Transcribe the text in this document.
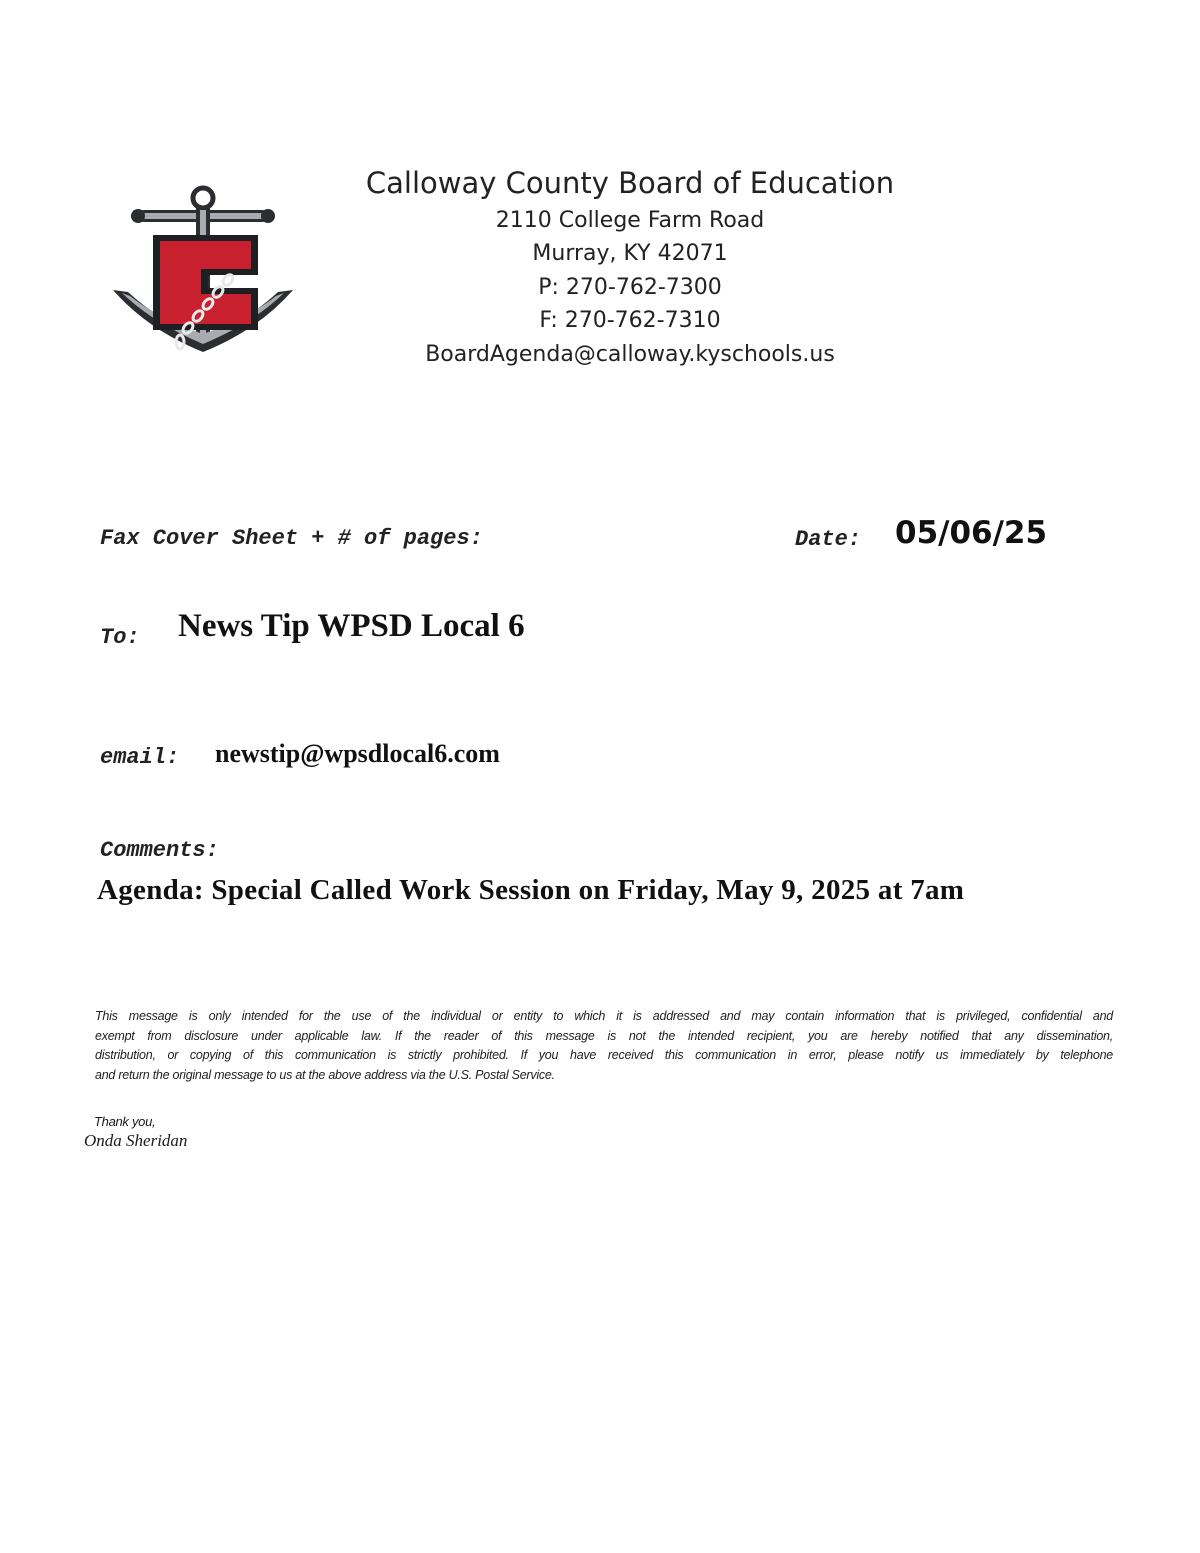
Calloway County Board of Education
2110 College Farm Road
Murray, KY 42071
P: 270-762-7300
F: 270-762-7310
BoardAgenda@calloway.kyschools.us
Fax Cover Sheet + # of pages:	Date: 05/06/25
To: News Tip WPSD Local 6
email: newstip@wpsdlocal6.com
Comments:
Agenda: Special Called Work Session on Friday, May 9, 2025 at 7am
This message is only intended for the use of the individual or entity to which it is addressed and may contain information that is privileged, confidential and
exempt from disclosure under applicable law. If the reader of this message is not the intended recipient, you are hereby notified that any dissemination,
distribution, or copying of this communication is strictly prohibited. If you have received this communication in error, please notify us immediately by telephone
and return the original message to us at the above address via the U.S. Postal Service.
Thank you,
Onda Sheridan
